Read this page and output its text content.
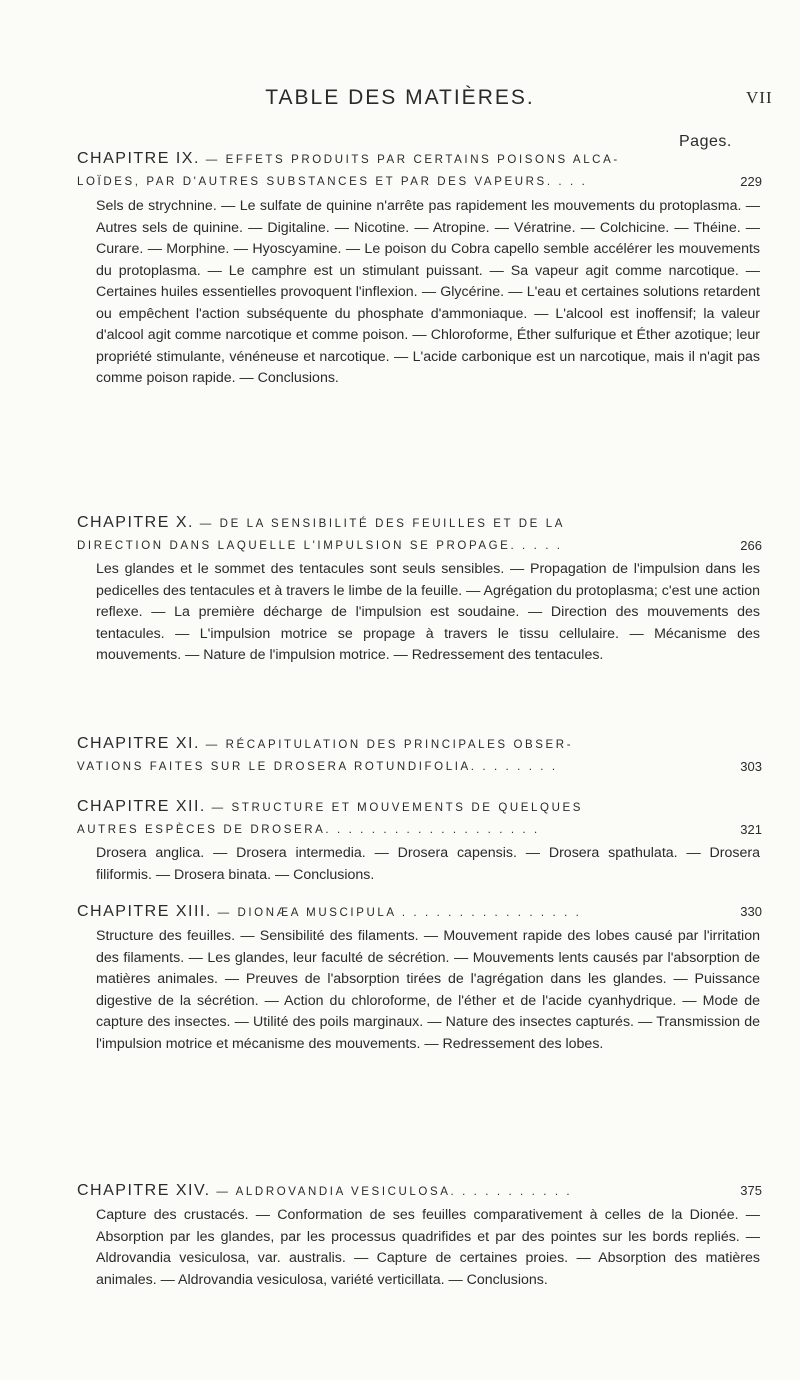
TABLE DES MATIÈRES.	VII
Pages.
CHAPITRE IX. — EFFETS PRODUITS PAR CERTAINS POISONS ALCA-
LOÏDES, PAR D'AUTRES SUBSTANCES ET PAR DES VAPEURS. . . .	229
Sels de strychnine. — Le sulfate de quinine n'arrête pas rapidement les mouvements du protoplasma. — Autres sels de quinine. — Digitaline. — Nicotine. — Atropine. — Vératrine. — Colchicine. — Théine. — Curare. — Morphine. — Hyoscyamine. — Le poison du Cobra capello semble accélérer les mouvements du protoplasma. — Le camphre est un stimulant puissant. — Sa vapeur agit comme narcotique. — Certaines huiles essentielles provoquent l'inflexion. — Glycérine. — L'eau et certaines solutions retardent ou empêchent l'action subséquente du phosphate d'ammoniaque. — L'alcool est inoffensif; la valeur d'alcool agit comme narcotique et comme poison. — Chloroforme, Éther sulfurique et Éther azotique; leur propriété stimulante, vénéneuse et narcotique. — L'acide carbonique est un narcotique, mais il n'agit pas comme poison rapide. — Conclusions.
CHAPITRE X. — DE LA SENSIBILITÉ DES FEUILLES ET DE LA
DIRECTION DANS LAQUELLE L'IMPULSION SE PROPAGE. . . . .	266
Les glandes et le sommet des tentacules sont seuls sensibles. — Propagation de l'impulsion dans les pedicelles des tentacules et à travers le limbe de la feuille. — Agrégation du protoplasma; c'est une action reflexe. — La première décharge de l'impulsion est soudaine. — Direction des mouvements des tentacules. — L'impulsion motrice se propage à travers le tissu cellulaire. — Mécanisme des mouvements. — Nature de l'impulsion motrice. — Redressement des tentacules.
CHAPITRE XI. — RÉCAPITULATION DES PRINCIPALES OBSER-
VATIONS FAITES SUR LE DROSERA ROTUNDIFOLIA. . . . . . . .	303
CHAPITRE XII. — STRUCTURE ET MOUVEMENTS DE QUELQUES
AUTRES ESPÈCES DE DROSERA. . . . . . . . . . . . . . . . . . .	321
Drosera anglica. — Drosera intermedia. — Drosera capensis. — Drosera spathulata. — Drosera filiformis. — Drosera binata. — Conclusions.
CHAPITRE XIII. — DIONÆA MUSCIPULA . . . . . . . . . . . . . . . .	330
Structure des feuilles. — Sensibilité des filaments. — Mouvement rapide des lobes causé par l'irritation des filaments. — Les glandes, leur faculté de sécrétion. — Mouvements lents causés par l'absorption de matières animales. — Preuves de l'absorption tirées de l'agrégation dans les glandes. — Puissance digestive de la sécrétion. — Action du chloroforme, de l'éther et de l'acide cyanhydrique. — Mode de capture des insectes. — Utilité des poils marginaux. — Nature des insectes capturés. — Transmission de l'impulsion motrice et mécanisme des mouvements. — Redressement des lobes.
CHAPITRE XIV. — ALDROVANDIA VESICULOSA. . . . . . . . . . .	375
Capture des crustacés. — Conformation de ses feuilles comparativement à celles de la Dionée. — Absorption par les glandes, par les processus quadrifides et par des pointes sur les bords repliés. — Aldrovandia vesiculosa, var. australis. — Capture de certaines proies. — Absorption des matières animales. — Aldrovandia vesiculosa, variété verticillata. — Conclusions.
